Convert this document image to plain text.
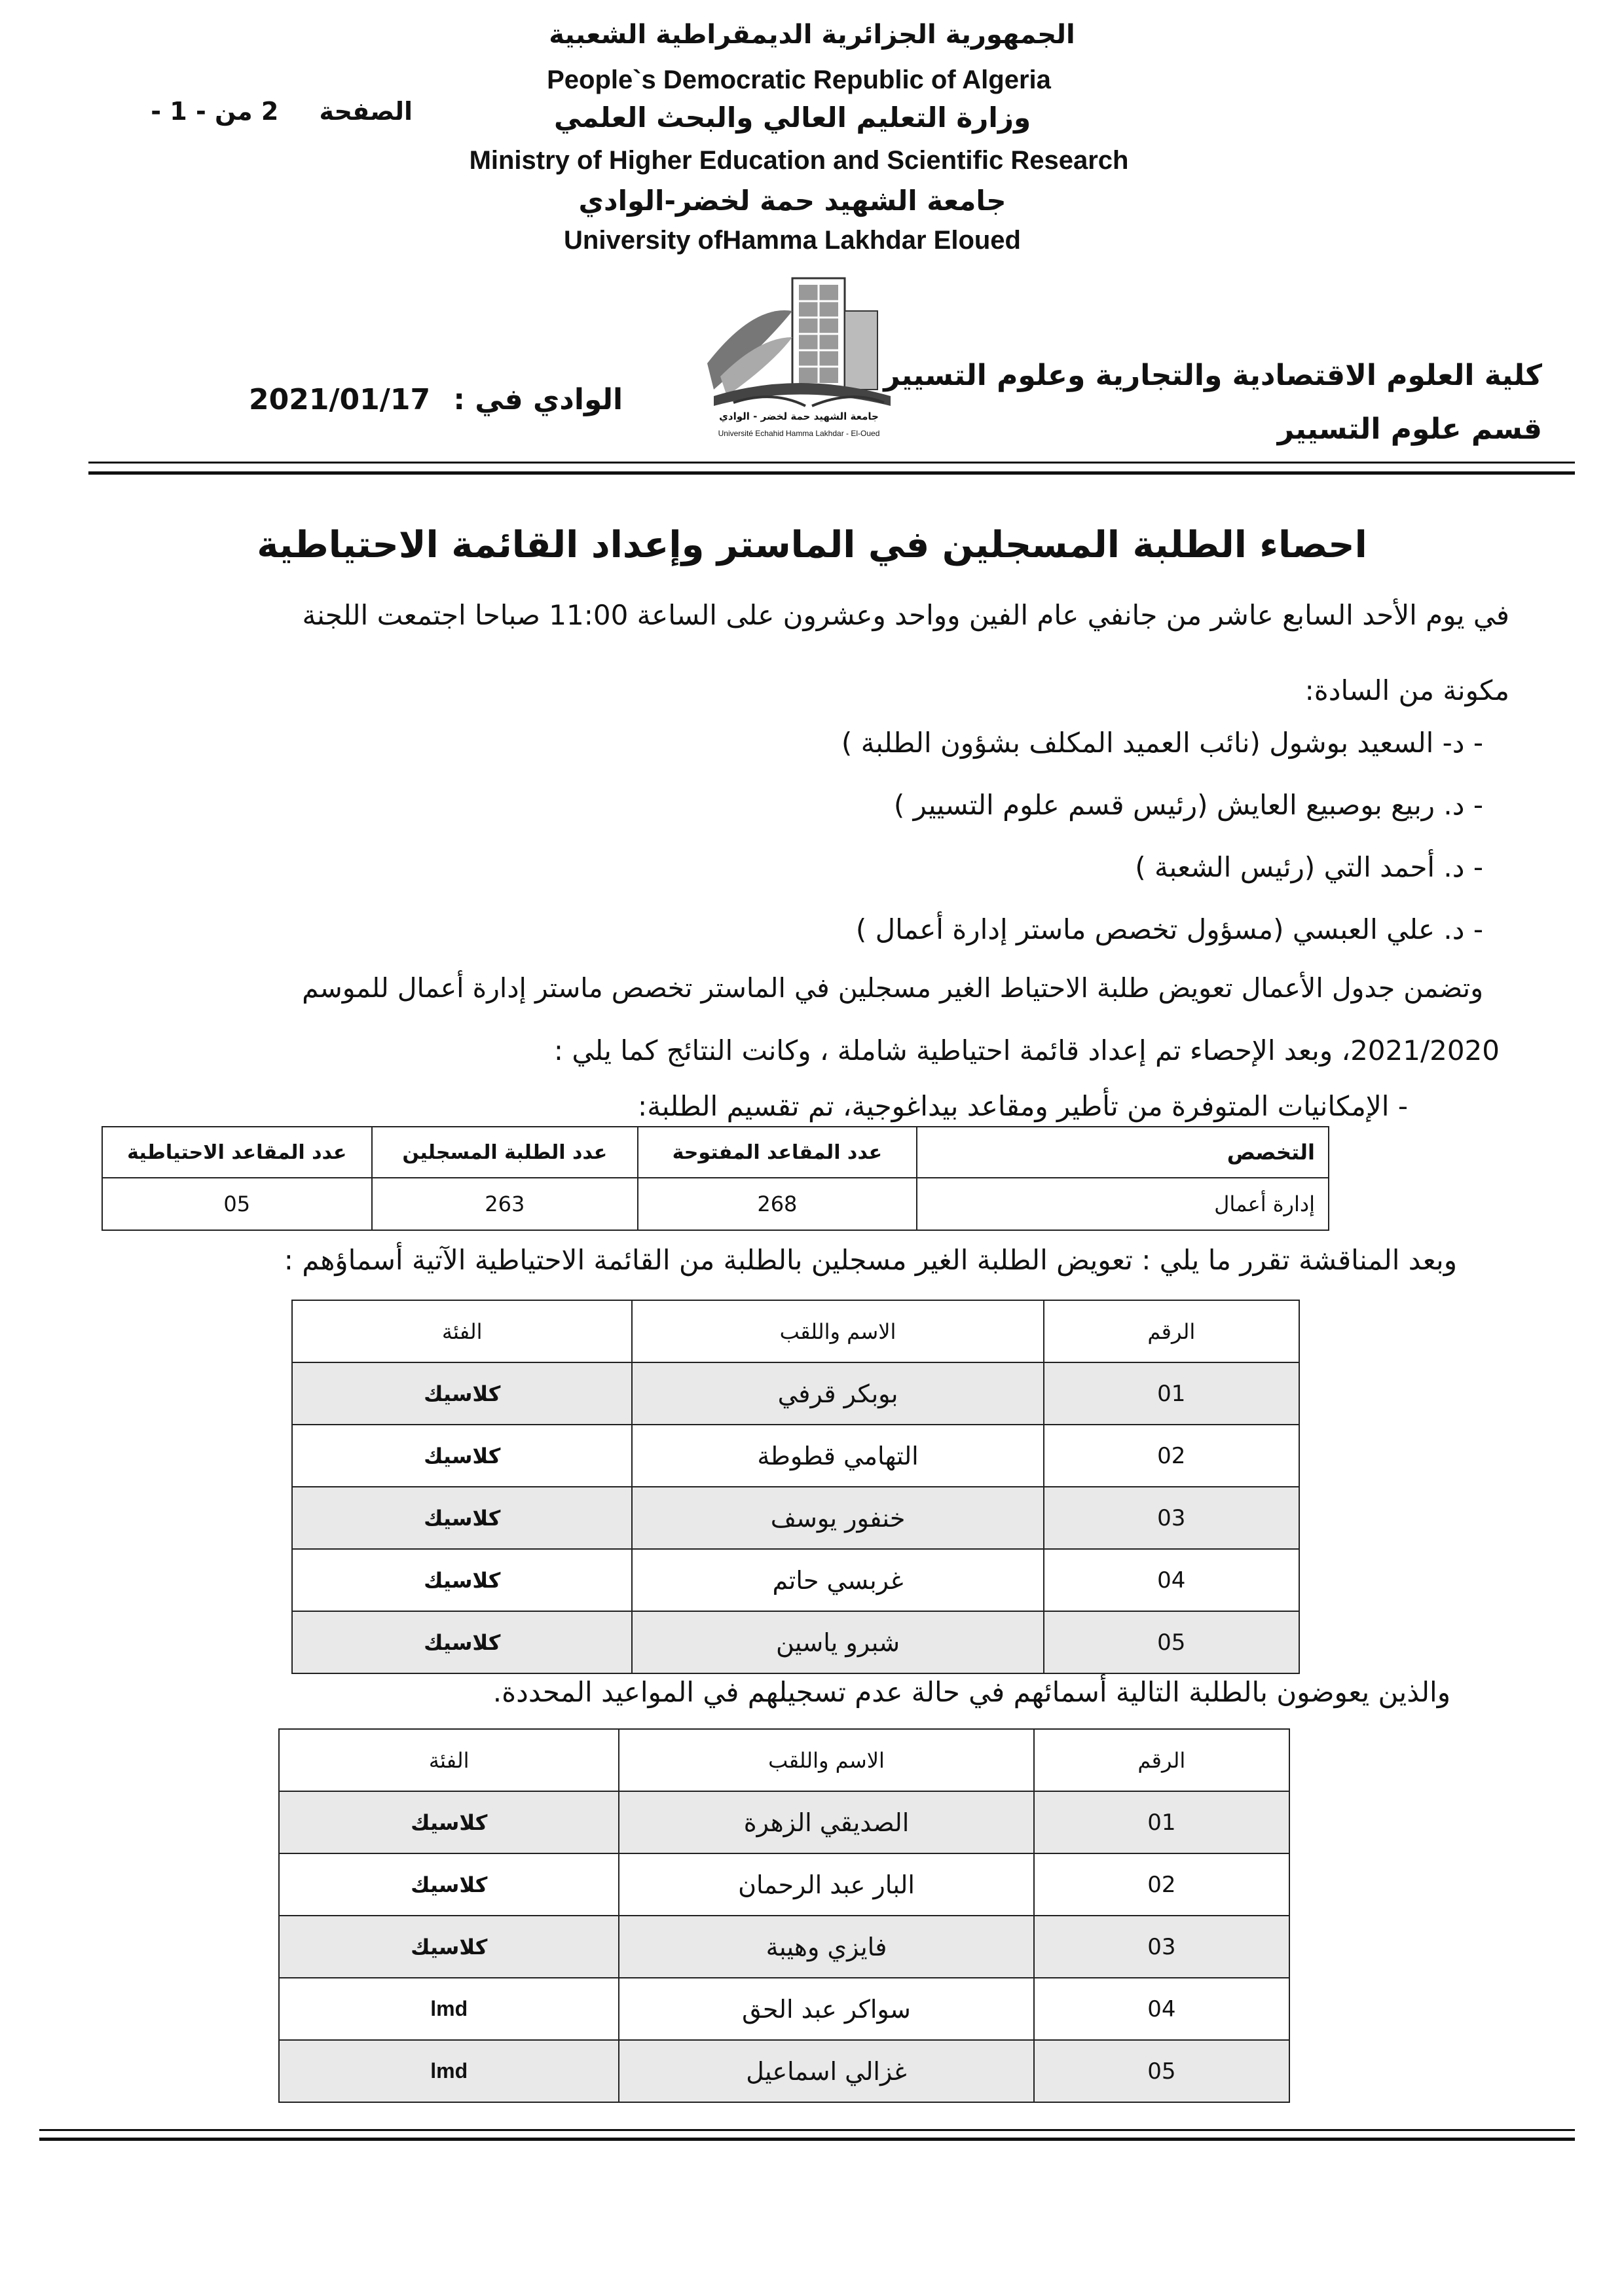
الجمهورية الجزائرية الديمقراطية الشعبية
People`s Democratic Republic of Algeria
وزارة التعليم العالي والبحث العلمي
Ministry of Higher Education and Scientific Research
جامعة الشهيد حمة لخضر-الوادي
University ofHamma Lakhdar Eloued
الصفحة 2 من - 1 -
كلية العلوم الاقتصادية والتجارية وعلوم التسيير
قسم علوم التسيير
الوادي في : 2021/01/17	جامعة الشهيد حمة لخضر - الوادي
Université Echahid Hamma Lakhdar - El-Oued
احصاء الطلبة المسجلين في الماستر وإعداد القائمة الاحتياطية
في يوم الأحد السابع عاشر من جانفي عام الفين وواحد وعشرون على الساعة 11:00 صباحا اجتمعت اللجنة
مكونة من السادة:
- د- السعيد بوشول (نائب العميد المكلف بشؤون الطلبة )
- د. ربيع بوصبيع العايش (رئيس قسم علوم التسيير )
- د. أحمد التي (رئيس الشعبة )
- د. علي العبسي (مسؤول تخصص ماستر إدارة أعمال )
وتضمن جدول الأعمال تعويض طلبة الاحتياط الغير مسجلين في الماستر تخصص ماستر إدارة أعمال للموسم
2021/2020، وبعد الإحصاء تم إعداد قائمة احتياطية شاملة ، وكانت النتائج كما يلي :
- الإمكانيات المتوفرة من تأطير ومقاعد بيداغوجية، تم تقسيم الطلبة:
التخصص	عدد المقاعد المفتوحة	عدد الطلبة المسجلين	عدد المقاعد الاحتياطية
إدارة أعمال	268	263	05
وبعد المناقشة تقرر ما يلي : تعويض الطلبة الغير مسجلين بالطلبة من القائمة الاحتياطية الآتية أسماؤهم :
الرقم	الاسم واللقب	الفئة
01	بوبكر قرفي	كلاسيك
02	التهامي قطوطة	كلاسيك
03	خنفور يوسف	كلاسيك
04	غربسي حاتم	كلاسيك
05	شبرو ياسين	كلاسيك
والذين يعوضون بالطلبة التالية أسمائهم في حالة عدم تسجيلهم في المواعيد المحددة.
الرقم	الاسم واللقب	الفئة
01	الصديقي الزهرة	كلاسيك
02	البار عبد الرحمان	كلاسيك
03	فايزي وهيبة	كلاسيك
04	سواكر عبد الحق	lmd
05	غزالي اسماعيل	lmd
